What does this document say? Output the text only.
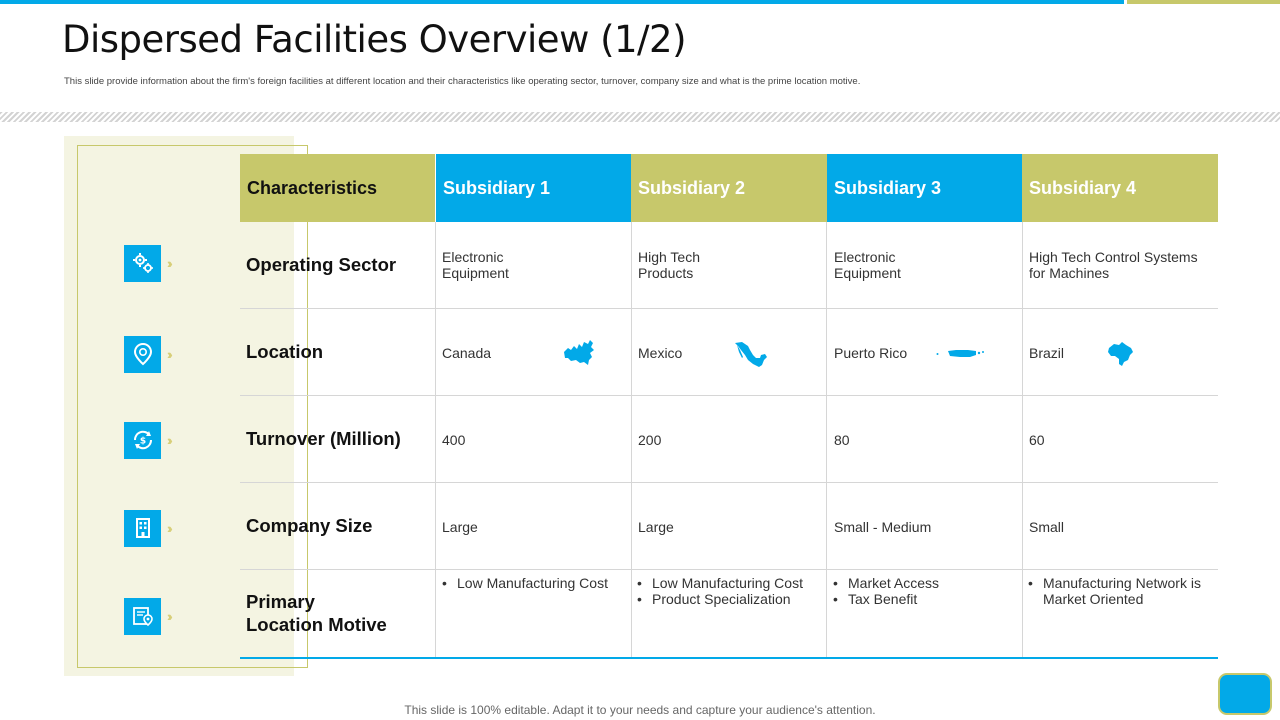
Dispersed Facilities Overview (1/2)

This slide provide information about the firm's foreign facilities at different location and their characteristics like operating sector, turnover, company size and what is the prime location motive.

›››››
›››››
$ ›››››
›››››
›››››
Characteristics	Subsidiary 1	Subsidiary 2	Subsidiary 3	Subsidiary 4
Operating Sector	Electronic
Equipment
High Tech
Products
Electronic
Equipment
High Tech Control Systems
for Machines
Location	Canada	Mexico	Puerto Rico	Brazil
Turnover (Million)	400	200	80	60
Company Size	Large	Large	Small - Medium	Small
Primary
Location Motive
• Low Manufacturing Cost
•	Low Manufacturing Cost
• Product Specialization
• Market Access
• Tax Benefit
• Manufacturing Network is
Market Oriented
This slide is 100% editable. Adapt it to your needs and capture your audience's attention.
